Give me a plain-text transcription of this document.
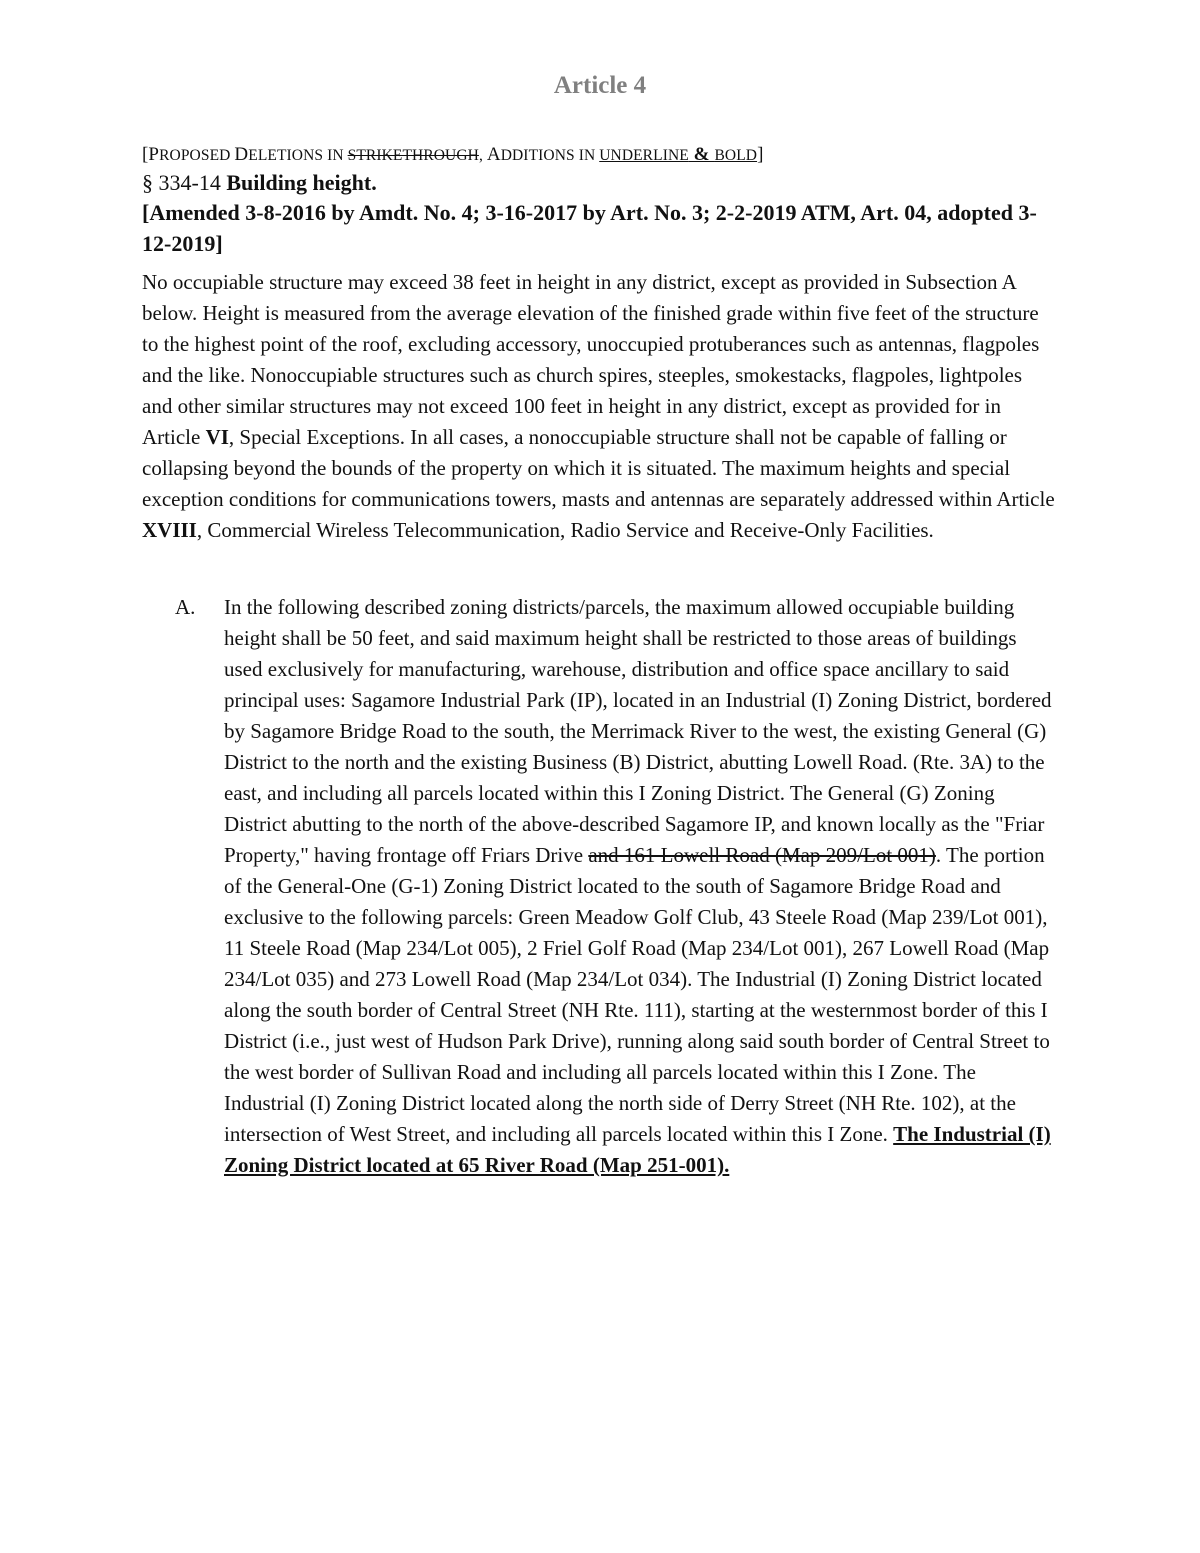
Article 4
[PROPOSED DELETIONS IN STRIKETHROUGH, ADDITIONS IN UNDERLINE & BOLD]
§ 334-14 Building height.
[Amended 3-8-2016 by Amdt. No. 4; 3-16-2017 by Art. No. 3; 2-2-2019 ATM, Art. 04, adopted 3-12-2019]
No occupiable structure may exceed 38 feet in height in any district, except as provided in Subsection A below. Height is measured from the average elevation of the finished grade within five feet of the structure to the highest point of the roof, excluding accessory, unoccupied protuberances such as antennas, flagpoles and the like. Nonoccupiable structures such as church spires, steeples, smokestacks, flagpoles, lightpoles and other similar structures may not exceed 100 feet in height in any district, except as provided for in Article VI, Special Exceptions. In all cases, a nonoccupiable structure shall not be capable of falling or collapsing beyond the bounds of the property on which it is situated. The maximum heights and special exception conditions for communications towers, masts and antennas are separately addressed within Article XVIII, Commercial Wireless Telecommunication, Radio Service and Receive-Only Facilities.
A. In the following described zoning districts/parcels, the maximum allowed occupiable building height shall be 50 feet, and said maximum height shall be restricted to those areas of buildings used exclusively for manufacturing, warehouse, distribution and office space ancillary to said principal uses: Sagamore Industrial Park (IP), located in an Industrial (I) Zoning District, bordered by Sagamore Bridge Road to the south, the Merrimack River to the west, the existing General (G) District to the north and the existing Business (B) District, abutting Lowell Road. (Rte. 3A) to the east, and including all parcels located within this I Zoning District. The General (G) Zoning District abutting to the north of the above-described Sagamore IP, and known locally as the "Friar Property," having frontage off Friars Drive and 161 Lowell Road (Map 209/Lot 001). The portion of the General-One (G-1) Zoning District located to the south of Sagamore Bridge Road and exclusive to the following parcels: Green Meadow Golf Club, 43 Steele Road (Map 239/Lot 001), 11 Steele Road (Map 234/Lot 005), 2 Friel Golf Road (Map 234/Lot 001), 267 Lowell Road (Map 234/Lot 035) and 273 Lowell Road (Map 234/Lot 034). The Industrial (I) Zoning District located along the south border of Central Street (NH Rte. 111), starting at the westernmost border of this I District (i.e., just west of Hudson Park Drive), running along said south border of Central Street to the west border of Sullivan Road and including all parcels located within this I Zone. The Industrial (I) Zoning District located along the north side of Derry Street (NH Rte. 102), at the intersection of West Street, and including all parcels located within this I Zone. The Industrial (I) Zoning District located at 65 River Road (Map 251-001).
